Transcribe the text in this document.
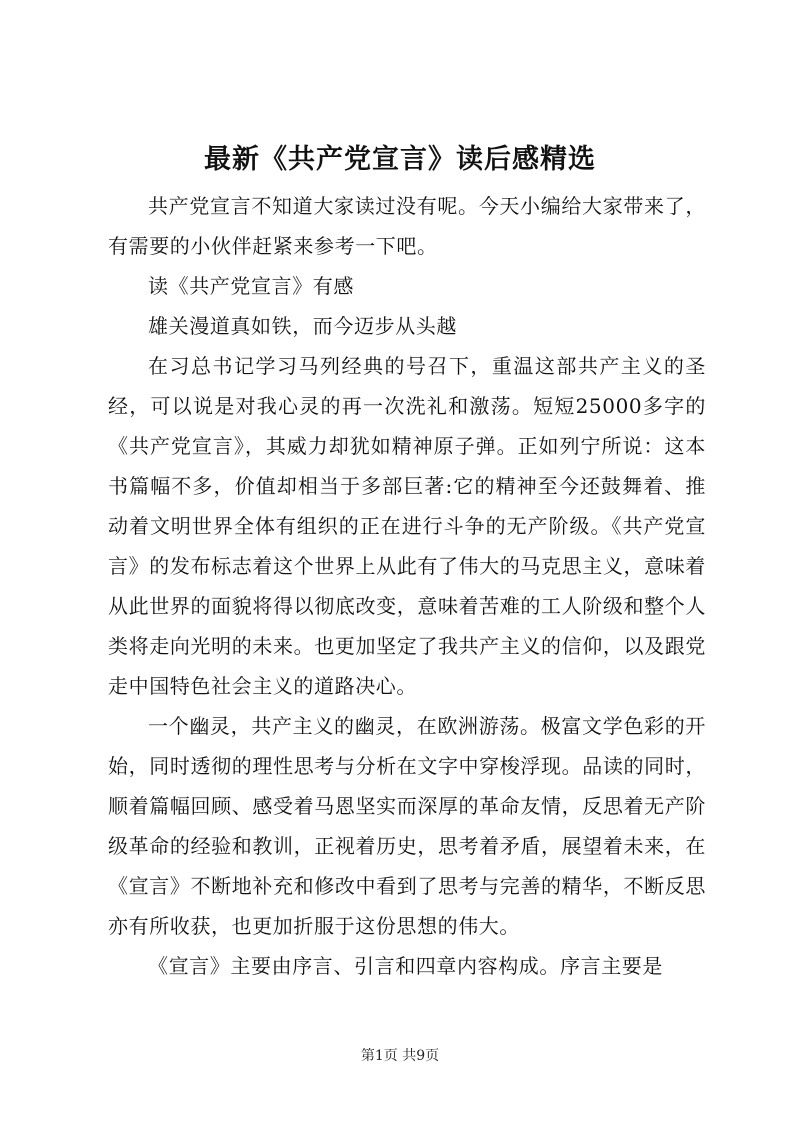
最新《共产党宣言》读后感精选

共产党宣言不知道大家读过没有呢。今天小编给大家带来了，有需要的小伙伴赶紧来参考一下吧。

读《共产党宣言》有感

雄关漫道真如铁，而今迈步从头越

在习总书记学习马列经典的号召下，重温这部共产主义的圣经，可以说是对我心灵的再一次洗礼和激荡。短短25000多字的《共产党宣言》，其威力却犹如精神原子弹。正如列宁所说：这本书篇幅不多，价值却相当于多部巨著:它的精神至今还鼓舞着、推动着文明世界全体有组织的正在进行斗争的无产阶级。《共产党宣言》的发布标志着这个世界上从此有了伟大的马克思主义，意味着从此世界的面貌将得以彻底改变，意味着苦难的工人阶级和整个人类将走向光明的未来。也更加坚定了我共产主义的信仰，以及跟党走中国特色社会主义的道路决心。

一个幽灵，共产主义的幽灵，在欧洲游荡。极富文学色彩的开始，同时透彻的理性思考与分析在文字中穿梭浮现。品读的同时，顺着篇幅回顾、感受着马恩坚实而深厚的革命友情，反思着无产阶级革命的经验和教训，正视着历史，思考着矛盾，展望着未来，在《宣言》不断地补充和修改中看到了思考与完善的精华，不断反思亦有所收获，也更加折服于这份思想的伟大。

《宣言》主要由序言、引言和四章内容构成。序言主要是

第1页 共9页
